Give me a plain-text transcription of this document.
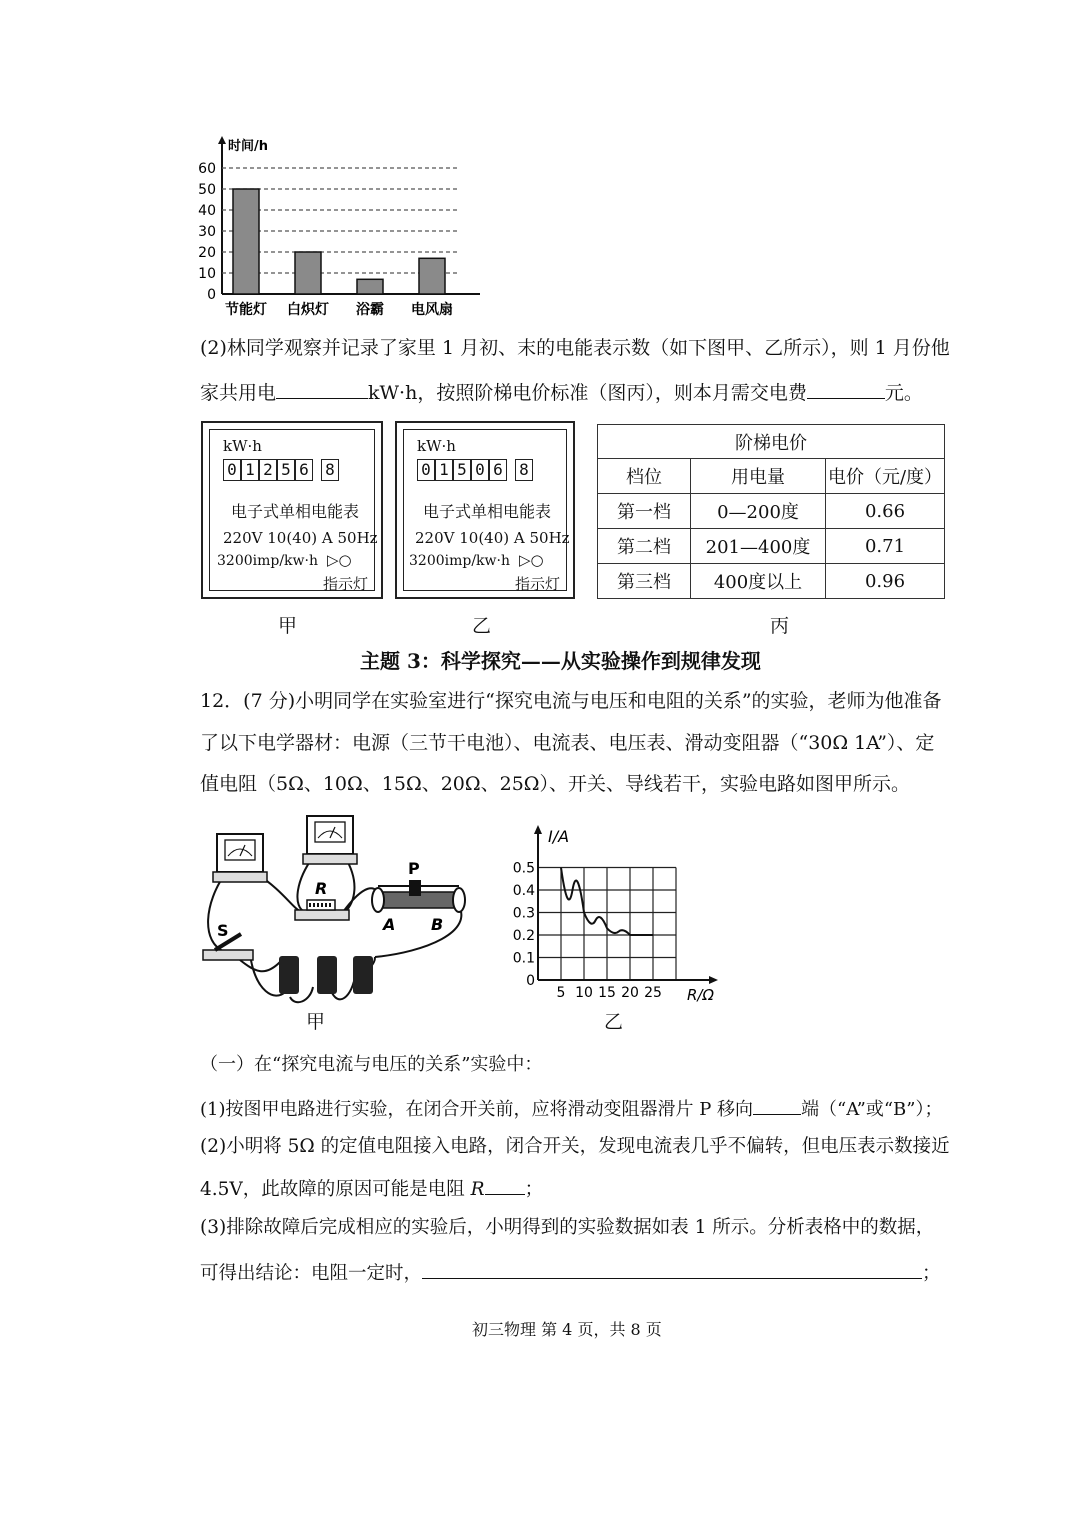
时间/h
0
10
20
30
40
50
60
节能灯 白炽灯 浴霸 电风扇
(2)林同学观察并记录了家里 1 月初、末的电能表示数（如下图甲、乙所示），则 1 月份他
家共用电	kW·h，按照阶梯电价标准（图丙），则本月需交电费	元。
kW·h
0 1 2 5 6 8
电子式单相电能表
220V 10(40) A 50Hz
3200imp/kw·h ▷○
指示灯
甲
kW·h
0 1 5 0 6 8
电子式单相电能表
220V 10(40) A 50Hz
3200imp/kw·h ▷○
指示灯
乙
阶梯电价		
档位	用电量	电价（元/度）
第一档	0—200度	0.66
第二档	201—400度	0.71
第三档	400度以上	0.96
丙
主题 3：科学探究——从实验操作到规律发现
12．(7 分)小明同学在实验室进行“探究电流与电压和电阻的关系”的实验，老师为他准备
了以下电学器材：电源（三节干电池）、电流表、电压表、滑动变阻器（“30Ω 1A”）、定
值电阻（5Ω、10Ω、15Ω、20Ω、25Ω）、开关、导线若干，实验电路如图甲所示。
R
P
A B
S
甲
I/A
R/Ω
0
0.1
0.2
0.3
0.4
0.5
5 10 15 20 25
乙
（一）在“探究电流与电压的关系”实验中：
(1)按图甲电路进行实验，在闭合开关前，应将滑动变阻器滑片 P 移向	端（“A”或“B”）；
(2)小明将 5Ω 的定值电阻接入电路，闭合开关，发现电流表几乎不偏转，但电压表示数接近
4.5V，此故障的原因可能是电阻 R ；
(3)排除故障后完成相应的实验后，小明得到的实验数据如表 1 所示。分析表格中的数据，
可得出结论：电阻一定时，	；
初三物理 第 4 页，共 8 页
